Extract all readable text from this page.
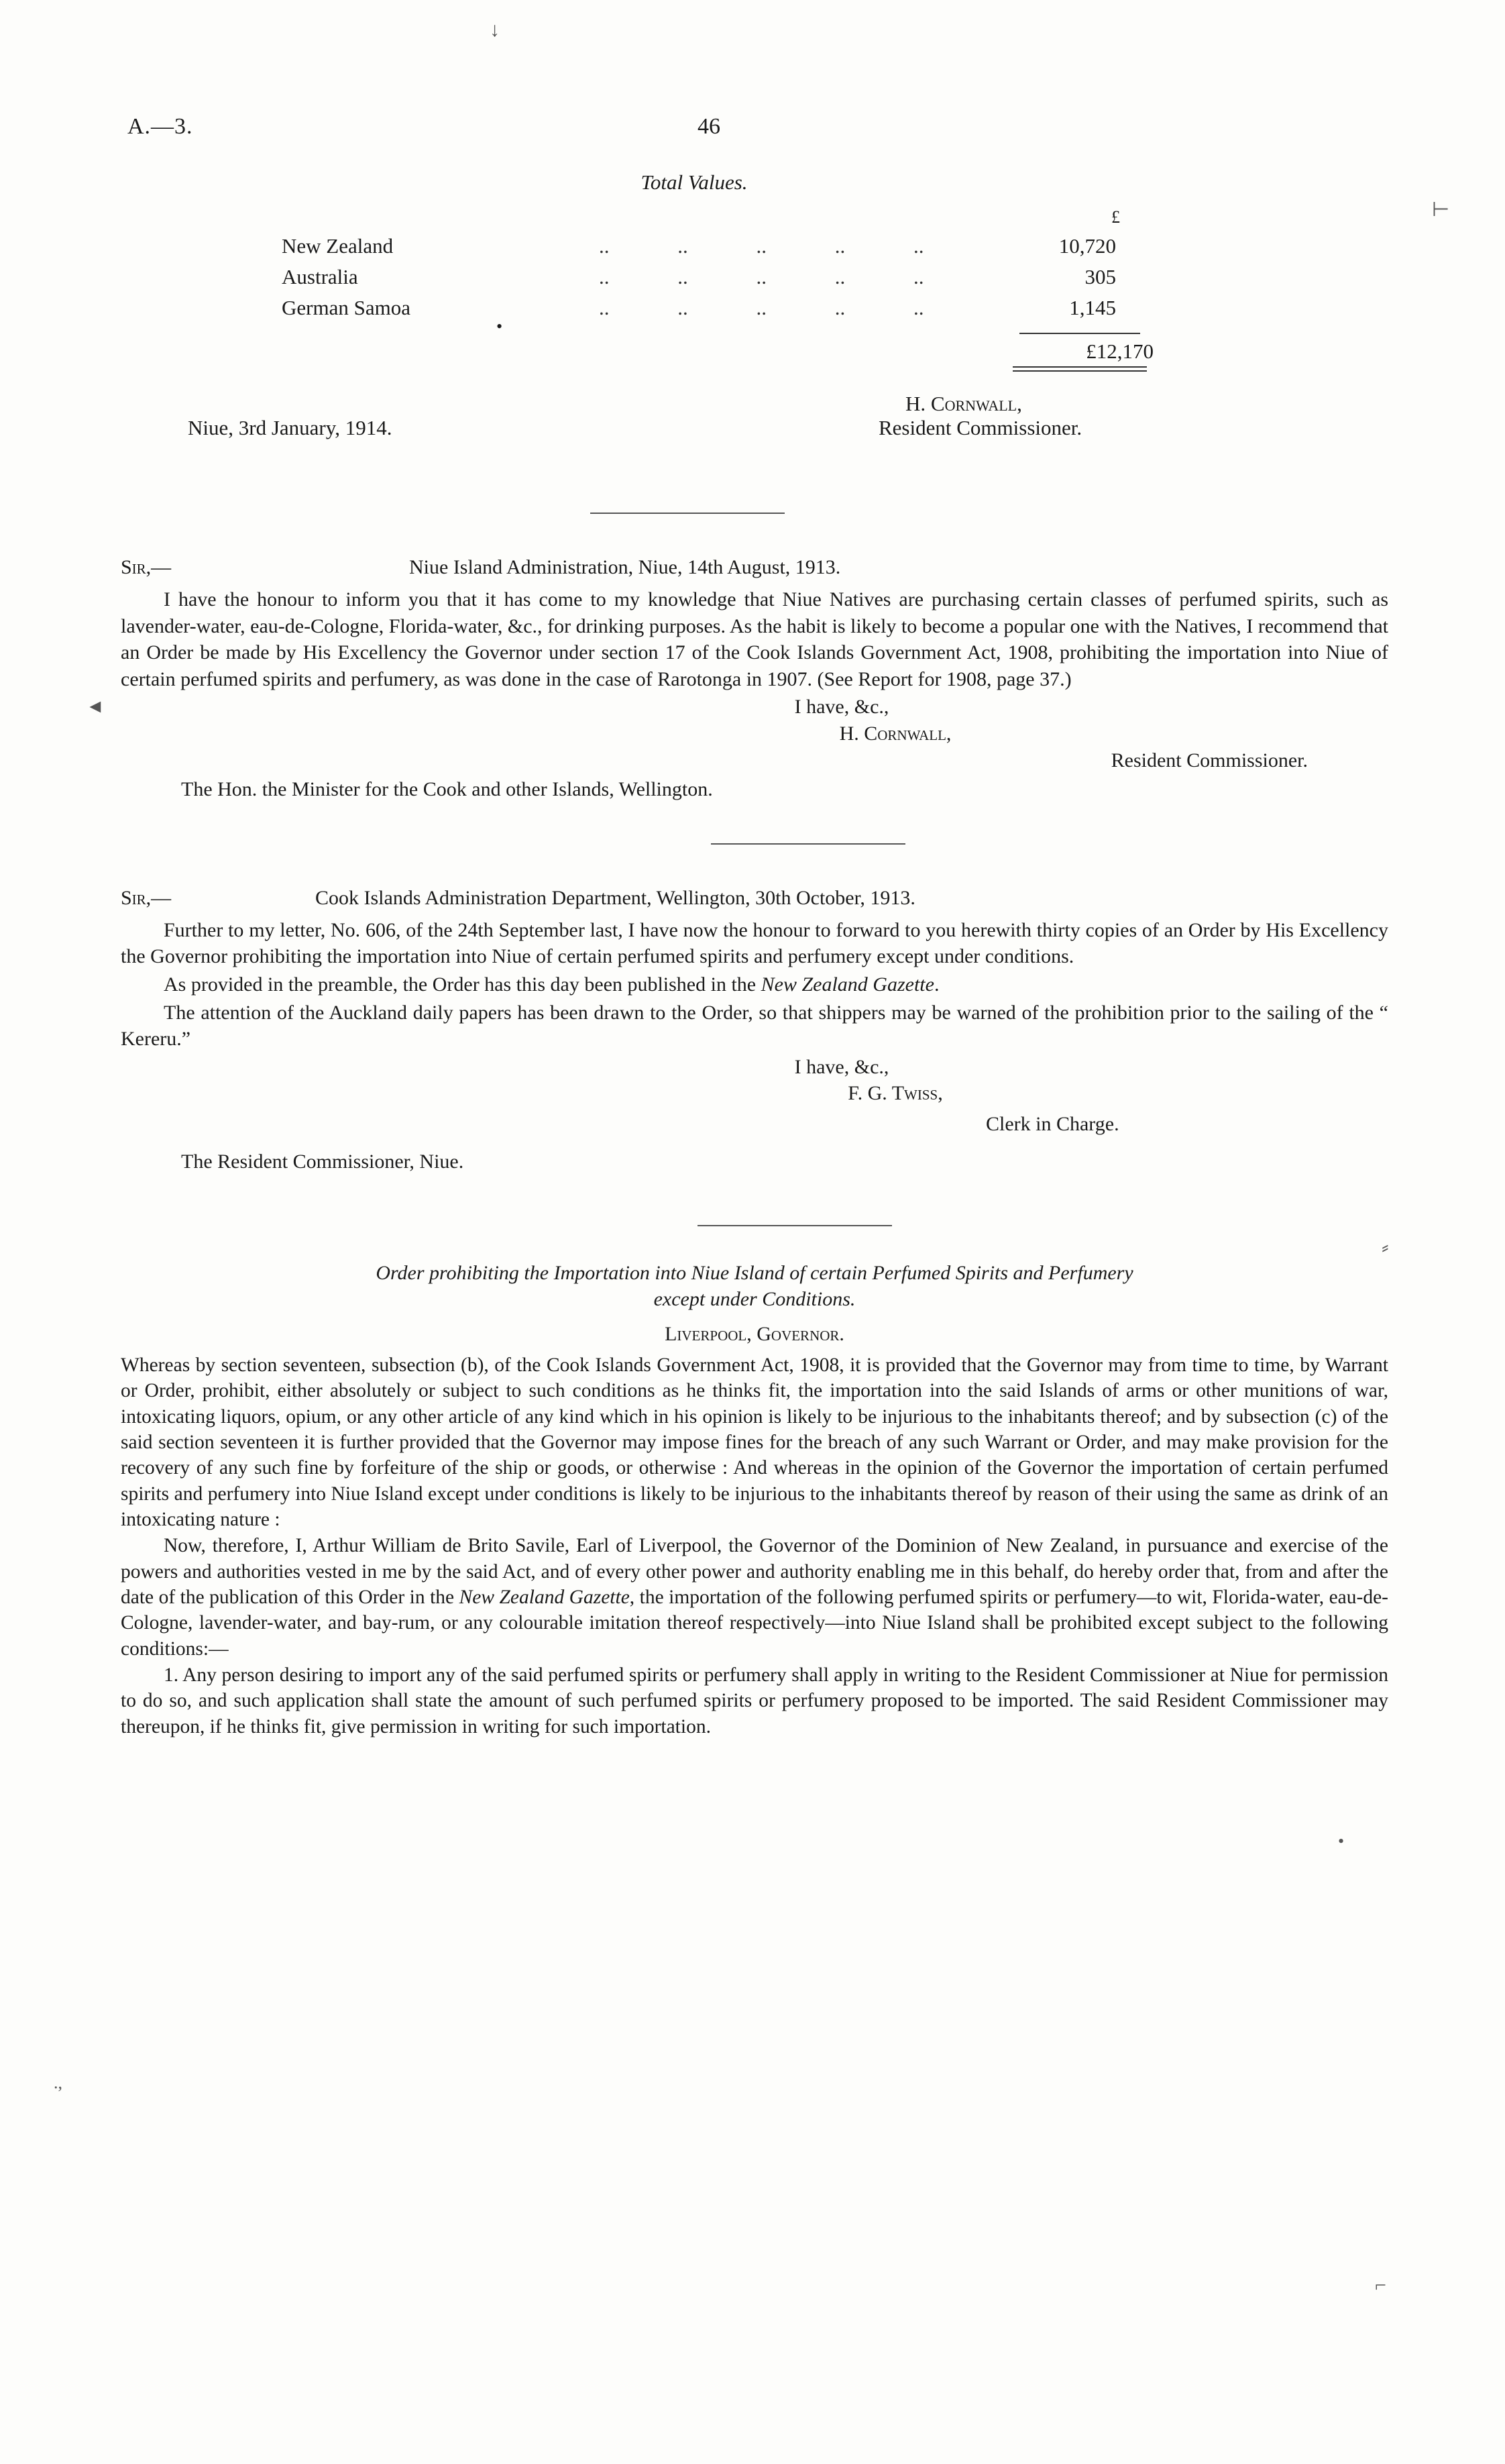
A.—3.	46
Total Values.
						£
New Zealand	..	..	..	..	..	10,720
Australia	..	..	..	..	..	305
German Samoa	..	..	..	..	..	1,145
•
£12,170
Niue, 3rd January, 1914.
H. Cornwall,
Resident Commissioner.
Sir,—	Niue Island Administration, Niue, 14th August, 1913.

I have the honour to inform you that it has come to my knowledge that Niue Natives are purchasing certain classes of perfumed spirits, such as lavender-water, eau-de-Cologne, Florida-water, &c., for drinking purposes. As the habit is likely to become a popular one with the Natives, I recommend that an Order be made by His Excellency the Governor under section 17 of the Cook Islands Government Act, 1908, prohibiting the importation into Niue of certain perfumed spirits and perfumery, as was done in the case of Rarotonga in 1907. (See Report for 1908, page 37.)

I have, &c.,
H. Cornwall,
Resident Commissioner.
The Hon. the Minister for the Cook and other Islands, Wellington.
Sir,—	Cook Islands Administration Department, Wellington, 30th October, 1913.

Further to my letter, No. 606, of the 24th September last, I have now the honour to forward to you herewith thirty copies of an Order by His Excellency the Governor prohibiting the importation into Niue of certain perfumed spirits and perfumery except under conditions.

As provided in the preamble, the Order has this day been published in the New Zealand Gazette.

The attention of the Auckland daily papers has been drawn to the Order, so that shippers may be warned of the prohibition prior to the sailing of the “ Kereru.”

I have, &c.,
F. G. Twiss,
The Resident Commissioner, Niue.
Clerk in Charge.
Order prohibiting the Importation into Niue Island of certain Perfumed Spirits and Perfumery
except under Conditions.
Liverpool, Governor.

Whereas by section seventeen, subsection (b), of the Cook Islands Government Act, 1908, it is provided that the Governor may from time to time, by Warrant or Order, prohibit, either absolutely or subject to such conditions as he thinks fit, the importation into the said Islands of arms or other munitions of war, intoxicating liquors, opium, or any other article of any kind which in his opinion is likely to be injurious to the inhabitants thereof; and by subsection (c) of the said section seventeen it is further provided that the Governor may impose fines for the breach of any such Warrant or Order, and may make provision for the recovery of any such fine by forfeiture of the ship or goods, or otherwise : And whereas in the opinion of the Governor the importation of certain perfumed spirits and perfumery into Niue Island except under conditions is likely to be injurious to the inhabitants thereof by reason of their using the same as drink of an intoxicating nature :

Now, therefore, I, Arthur William de Brito Savile, Earl of Liverpool, the Governor of the Dominion of New Zealand, in pursuance and exercise of the powers and authorities vested in me by the said Act, and of every other power and authority enabling me in this behalf, do hereby order that, from and after the date of the publication of this Order in the New Zealand Gazette, the importation of the following perfumed spirits or perfumery—to wit, Florida-water, eau-de-Cologne, lavender-water, and bay-rum, or any colourable imitation thereof respectively—into Niue Island shall be prohibited except subject to the following conditions:—

1. Any person desiring to import any of the said perfumed spirits or perfumery shall apply in writing to the Resident Commissioner at Niue for permission to do so, and such application shall state the amount of such perfumed spirits or perfumery proposed to be imported. The said Resident Commissioner may thereupon, if he thinks fit, give permission in writing for such importation.

↓
⊢
◄
⸗
•
.,
⌐
